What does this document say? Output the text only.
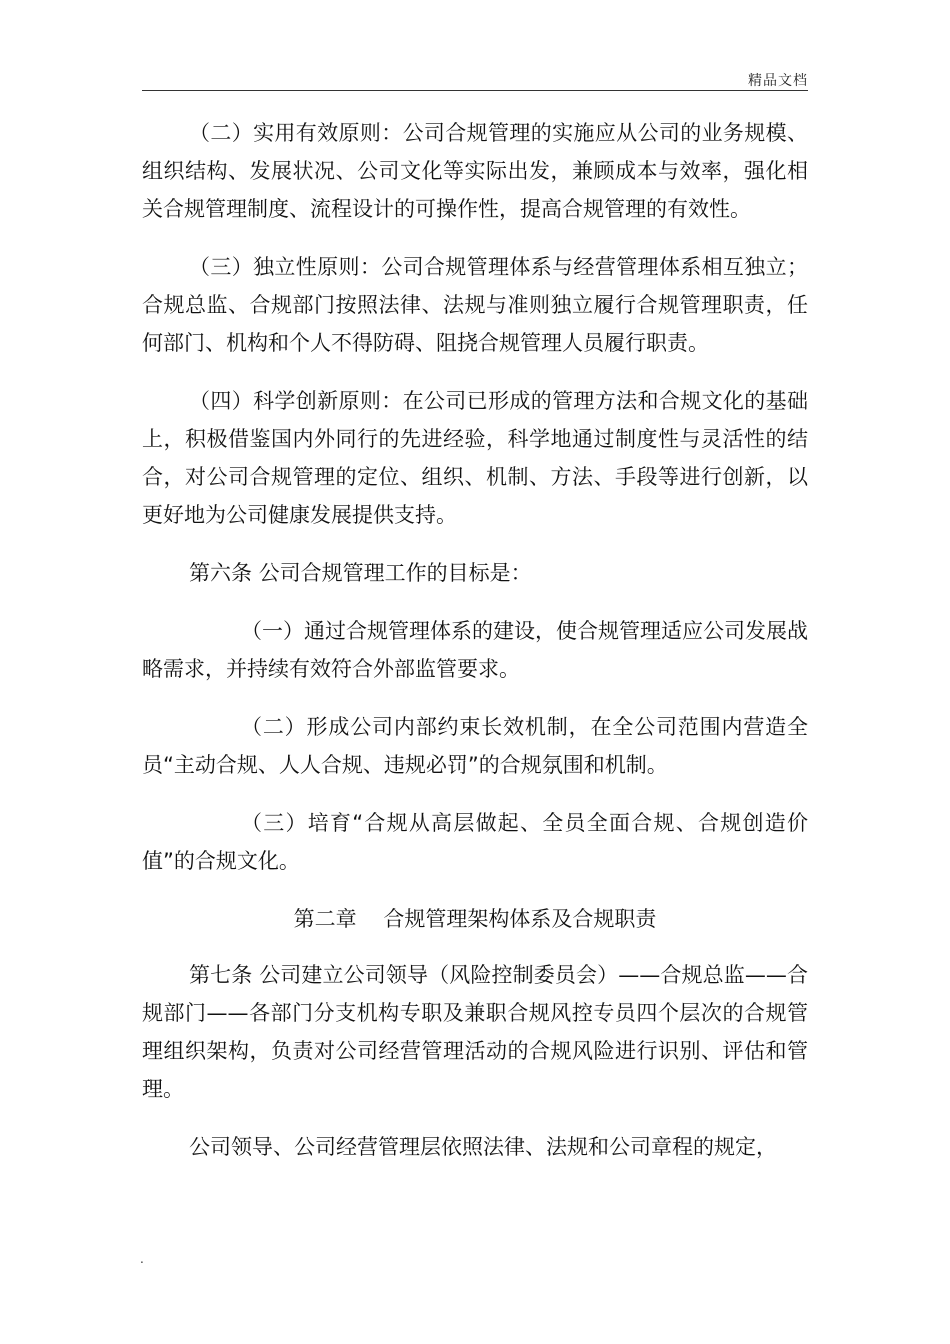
精品文档

（二）实用有效原则：公司合规管理的实施应从公司的业务规模、组织结构、发展状况、公司文化等实际出发，兼顾成本与效率，强化相关合规管理制度、流程设计的可操作性，提高合规管理的有效性。

（三）独立性原则：公司合规管理体系与经营管理体系相互独立；合规总监、合规部门按照法律、法规与准则独立履行合规管理职责，任何部门、机构和个人不得防碍、阻挠合规管理人员履行职责。

（四）科学创新原则：在公司已形成的管理方法和合规文化的基础上，积极借鉴国内外同行的先进经验，科学地通过制度性与灵活性的结合，对公司合规管理的定位、组织、机制、方法、手段等进行创新，以更好地为公司健康发展提供支持。

第六条 公司合规管理工作的目标是：

（一）通过合规管理体系的建设，使合规管理适应公司发展战略需求，并持续有效符合外部监管要求。

（二）形成公司内部约束长效机制，在全公司范围内营造全员“主动合规、人人合规、违规必罚”的合规氛围和机制。

（三）培育“合规从高层做起、全员全面合规、合规创造价值”的合规文化。

第二章    合规管理架构体系及合规职责

第七条 公司建立公司领导（风险控制委员会）——合规总监——合规部门——各部门分支机构专职及兼职合规风控专员四个层次的合规管理组织架构，负责对公司经营管理活动的合规风险进行识别、评估和管理。

公司领导、公司经营管理层依照法律、法规和公司章程的规定，

.
